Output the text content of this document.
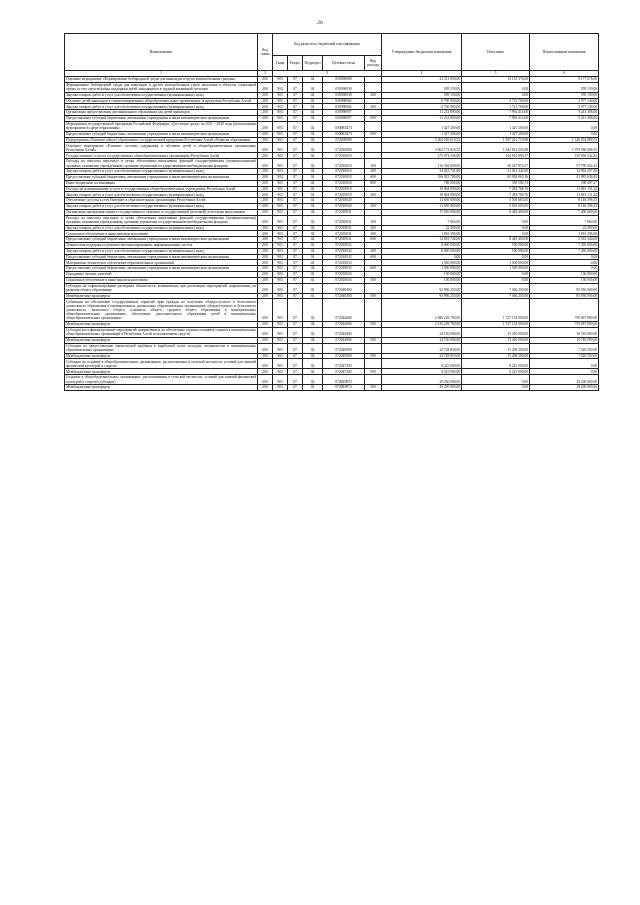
26
Наименование	Код главы	Код раздела по бюджетной классификации					Утвержденные бюджетные назначения	Исполнено	Неисполненные назначения
		Глава	Раздел	Подраздел	Целевая статья	Вид расхода			
1	2	3					4	5	6
Основное мероприятие «Формирование безбарьерной среды для инвалидов и групп маломобильных граждан»	200	903	07	02	050090000		22 313 050,00	13 135 374,00	9 177 676,00
Формирование безбарьерной среды для инвалидов и других маломобильных групп населения в объектах социальной сферы за счет средств фонда поддержки детей, находящихся в трудной жизненной ситуации	200	903	07	02	050090030		959 150,00	0,00	959 150,00
Закупка товаров, работ и услуг для обеспечения государственных (муниципальных) нужд	200	903	07	02	050090030	200	959 150,00	0,00	959 150,00
Обучение детей-инвалидов в специализированных общеобразовательных организациях за пределами Республики Алтай	200	903	07	02	050090062		6 700 900,00	3 723 760,00	2 977 140,00
Закупка товаров, работ и услуг для обеспечения государственных (муниципальных) нужд	200	903	07	02	050090062	200	6 700 900,00	3 723 760,00	2 977 140,00
Организация предоставления дистанционного образования для детей-инвалидов	200	903	07	02	050090097		13 233 800,00	7 992 414,00	5 241 386,00
Предоставление субсидий бюджетным, автономным учреждениям и иным некоммерческим организациям	200	903	07	02	050090097	600	13 233 800,00	7 992 414,00	5 241 386,00
Мероприятия государственной программы Российской Федерации «Доступная среда» на 2011 - 2020 годы (региональные мероприятия в сфере образования)	200	903	07	02	0500R0273		1 427 200,00	1 427 200,00	0,00
Предоставление субсидий бюджетным, автономным учреждениям и иным некоммерческим организациям	200	903	07	02	0500R0273	600	1 427 200,00	1 427 200,00	0,00
Подпрограмма «Развитие общего образования» государственной программы Республики Алтай «Развитие образования»	200	903	07	02	072000000		3 264 265 610,53	1 937 412 710,98	1 326 852 899,55
Основное мероприятие «Развитие системы содержания и обучения детей в общеобразовательных организациях Республики Алтай»	200	903	07	02	072010000		3 062 772 010,53	1 942 812 203,98	1 079 960 006,55
Государственные услуги в государственных общеобразовательных организациях Республики Алтай	200	903	07	02	072010010		275 072 336,00	144 814 093,57	130 058 242,43
Расходы на выплаты персоналу в целях обеспечения выполнения функций государственными (муниципальными) органами, казенными учреждениями, органами управления государственными внебюджетными фондами	200	903	07	02	072010010	100	116 338 000,00	58 547 913,57	57 790 092,43
Закупка товаров, работ и услуг для обеспечения государственных (муниципальных) нужд	200	903	07	02	072010010	200	34 023 741,00	21 031 444,00	12 992 297,00
Предоставление субсидий бюджетным, автономным учреждениям и иным некоммерческим организациям	200	903	07	02	072010010	600	106 923 700,00	65 038 063,16	41 885 636,84
Иные бюджетные ассигнования	200	903	07	02	072010010	800	786 000,00	395 592,73	390 407,27
Расходы на муниципальные услуги в государственных общеобразовательных учреждениях Республики Алтай	200	903	07	02	072010019		18 964 900,00	7 283 768,76	11 681 131,24
Закупка товаров, работ и услуг для обеспечения государственных (муниципальных) нужд	200	903	07	02	072010019	200	18 964 900,00	7 283 768,76	11 681 131,24
Обеспечение доступа к сети Интернет в образовательных организациях Республики Алтай	200	903	07	02	072010020		13 650 000,00	5 503 603,65	8 146 396,35
Закупка товаров, работ и услуг для обеспечения государственных (муниципальных) нужд	200	903	07	02	072010020	200	13 650 000,00	5 503 603,65	8 146 396,35
Организация проведения единого государственного экзамена и государственной (итоговой) аттестации выпускников	200	903	07	02	072010031		15 850 000,00	8 449 400,00	7 400 600,00
Расходы на выплаты персоналу в целях обеспечения выполнения функций государственными (муниципальными) органами, казенными учреждениями, органами управления государственными внебюджетными фондами	200	903	07	02	072010031	100	7 864,00	0,00	7 864,00
Закупка товаров, работ и услуг для обеспечения государственных (муниципальных) нужд	200	903	07	02	072010031	200	22 000,00	0,00	22 000,00
Социальное обеспечение и иные выплаты населению	200	903	07	02	072010031	300	1 816 396,00	0,00	1 816 396,00
Предоставление субсидий бюджетным, автономным учреждениям и иным некоммерческим организациям	200	903	07	02	072010031	600	14 003 740,00	8 449 400,00	5 563 340,00
Техническая поддержка и развитие автоматизированных информационных систем	200	903	07	02	072010032		8 000 000,00	550 000,00	7 450 000,00
Закупка товаров, работ и услуг для обеспечения государственных (муниципальных) нужд	200	903	07	02	072010032	200	8 000 000,00	550 000,00	7 450 000,00
Предоставление субсидий бюджетным, автономным учреждениям и иным некоммерческим организациям	200	903	07	02	072010032	600	0,00	0,00	0,00
Материально-техническое обеспечение образовательных организаций	200	903	07	02	072010033		1 500 000,00	1 500 000,00	0,00
Предоставление субсидий бюджетным, автономным учреждениям и иным некоммерческим организациям	200	903	07	02	072010033	600	1 500 000,00	1 500 000,00	0,00
Поощрение лучших учителей	200	903	07	02	072010034		150 000,00	0,00	150 000,00
Социальное обеспечение и иные выплаты населению	200	903	07	02	072010034	300	150 000,00	0,00	150 000,00
Субсидии на софинансирование расходных обязательств, возникающих при реализации мероприятий, направленных на развитие общего образования	200	903	07	02	072040400		92 996 250,00	7 046 250,00	85 950 000,00
Межбюджетные трансферты	200	903	07	02	072040400	500	92 996 250,00	7 046 250,00	85 950 000,00
Субвенции на обеспечение государственных гарантий прав граждан на получение общедоступного и бесплатного дошкольного образования в муниципальных дошкольных образовательных организациях, общедоступного и бесплатного дошкольного, начального общего, основного общего, среднего общего образования в муниципальных общеобразовательных организациях, обеспечение дополнительного образования детей в муниципальных общеобразовательных организациях	200	903	07	02	072044600		2 486 229 700,00	1 727 152 900,00	759 067 800,00
Межбюджетные трансферты	200	903	07	02	072044600	500	2 416 229 700,00	1 727 152 900,00	759 067 800,00
Субсидии на софинансирование мероприятий, направленных на обеспечение горячим питанием учащихся муниципальных общеобразовательных организаций в Республике Алтай за исключением средств	200	903	07	02	072044900		24 150 000,00	13 410 000,00	10 740 000,00
Межбюджетные трансферты	200	903	07	02	072044900	500	24 150 000,00	13 410 000,00	10 740 000,00
Субсидии на предоставление ежемесячной надбавки к заработной плате молодым специалистам в муниципальных образовательных организациях	200	903	07	02	072045900		22 728 850,00	15 208 300,00	7 520 550,00
Межбюджетные трансферты	200	903	07	02	072045900	500	22 728 850,00	15 208 300,00	7 520 550,00
Субсидии на создание в общеобразовательных организациях, расположенных в сельской местности, условий для занятий физической культурой и спортом	200	903	07	02	072047200		8 225 000,00	8 225 000,00	0,00
Межбюджетные трансферты	200	903	07	02	072047200	500	8 225 000,00	8 225 000,00	0,00
Создание в общеобразовательных организациях, расположенных в сельской местности, условий для занятий физической культурой и спортом (субсидии)	200	903	07	02	0720R0972		29 200 000,00	0,00	29 200 000,00
Межбюджетные трансферты	200	903	07	02	0720R0972	500	29 200 000,00	0,00	29 200 000,00
